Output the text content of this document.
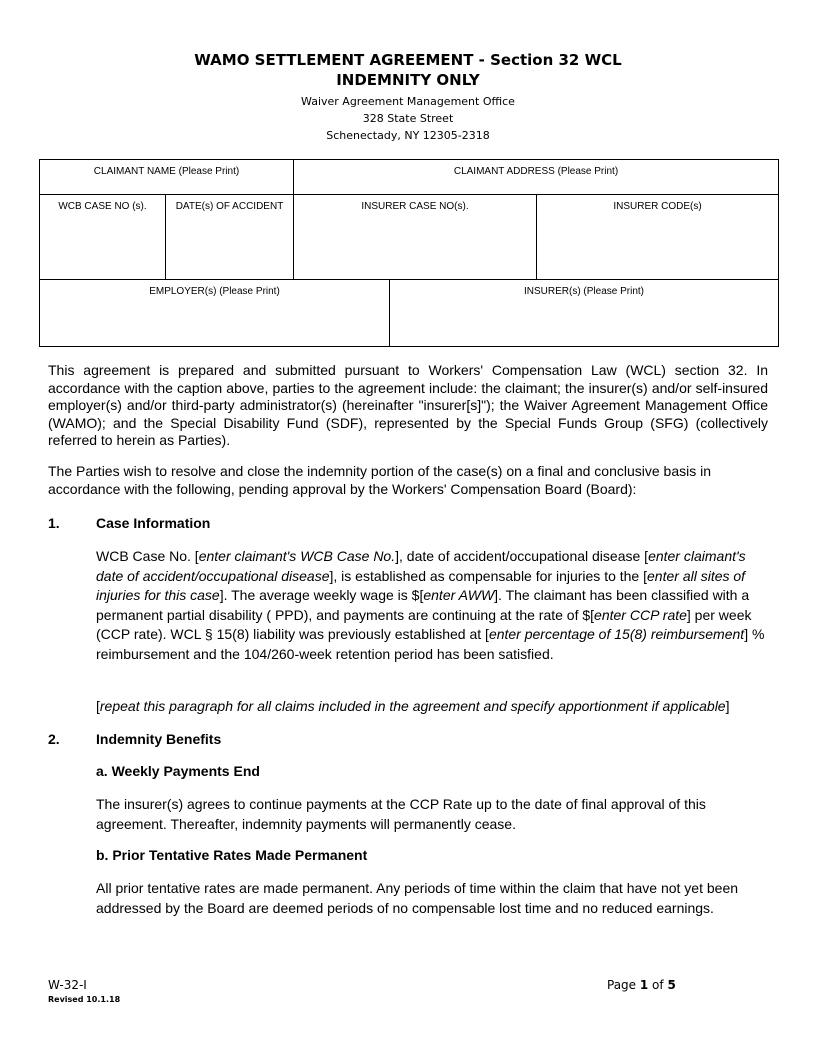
WAMO SETTLEMENT AGREEMENT - Section 32 WCL
INDEMNITY ONLY
Waiver Agreement Management Office
328 State Street
Schenectady, NY 12305-2318
CLAIMANT NAME (Please Print)	CLAIMANT ADDRESS (Please Print)
WCB CASE NO (s).	DATE(s) OF ACCIDENT	INSURER CASE NO(s).	INSURER CODE(s)
EMPLOYER(s) (Please Print)	INSURER(s) (Please Print)
This agreement is prepared and submitted pursuant to Workers' Compensation Law (WCL) section 32. In accordance with the caption above, parties to the agreement include: the claimant; the insurer(s) and/or self-insured employer(s) and/or third-party administrator(s) (hereinafter "insurer[s]"); the Waiver Agreement Management Office (WAMO); and the Special Disability Fund (SDF), represented by the Special Funds Group (SFG) (collectively referred to herein as Parties).
The Parties wish to resolve and close the indemnity portion of the case(s) on a final and conclusive basis in accordance with the following, pending approval by the Workers' Compensation Board (Board):
1.	Case Information
WCB Case No. [enter claimant's WCB Case No.], date of accident/occupational disease [enter claimant's date of accident/occupational disease], is established as compensable for injuries to the [enter all sites of injuries for this case]. The average weekly wage is $[enter AWW]. The claimant has been classified with a permanent partial disability ( PPD), and payments are continuing at the rate of $[enter CCP rate] per week (CCP rate). WCL § 15(8) liability was previously established at [enter percentage of 15(8) reimbursement] % reimbursement and the 104/260-week retention period has been satisfied.
[repeat this paragraph for all claims included in the agreement and specify apportionment if applicable]
2.	Indemnity Benefits
a. Weekly Payments End
The insurer(s) agrees to continue payments at the CCP Rate up to the date of final approval of this agreement. Thereafter, indemnity payments will permanently cease.
b. Prior Tentative Rates Made Permanent
All prior tentative rates are made permanent. Any periods of time within the claim that have not yet been addressed by the Board are deemed periods of no compensable lost time and no reduced earnings.
W-32-I
Revised 10.1.18
Page 1 of 5
